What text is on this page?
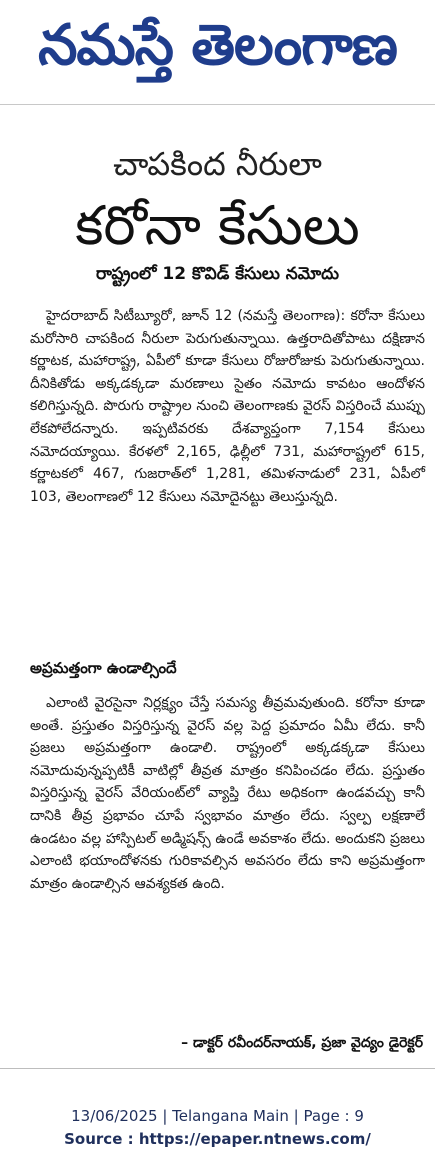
నమస్తే తెలంగాణ
చాపకింద నీరులా
కరోనా కేసులు
రాష్ట్రంలో 12 కొవిడ్ కేసులు నమోదు

హైదరాబాద్ సిటీబ్యూరో, జూన్ 12 (నమస్తే తెలంగాణ): కరోనా కేసులు మరోసారి చాపకింద నీరులా పెరుగుతున్నాయి. ఉత్తరాదితోపాటు దక్షిణాన కర్ణాటక, మహారాష్ట్ర, ఏపీలో కూడా కేసులు రోజురోజుకు పెరుగుతున్నాయి. దీనికితోడు అక్కడక్కడా మరణాలు సైతం నమోదు కావటం ఆందోళన కలిగిస్తున్నది. పొరుగు రాష్ట్రాల నుంచి తెలంగాణకు వైరస్ విస్తరించే ముప్పు లేకపోలేదన్నారు. ఇప్పటివరకు దేశవ్యాప్తంగా 7,154 కేసులు నమోదయ్యాయి. కేరళలో 2,165, ఢిల్లీలో 731, మహారాష్ట్రలో 615, కర్ణాటకలో 467, గుజరాత్‌లో 1,281, తమిళనాడులో 231, ఏపీలో 103, తెలంగాణలో 12 కేసులు నమోదైనట్టు తెలుస్తున్నది.

అప్రమత్తంగా ఉండాల్సిందే

ఎలాంటి వైరసైనా నిర్లక్ష్యం చేస్తే సమస్య తీవ్రమవుతుంది. కరోనా కూడా అంతే. ప్రస్తుతం విస్తరిస్తున్న వైరస్ వల్ల పెద్ద ప్రమాదం ఏమీ లేదు. కానీ ప్రజలు అప్రమత్తంగా ఉండాలి. రాష్ట్రంలో అక్కడక్కడా కేసులు నమోదువున్నప్పటికీ వాటిల్లో తీవ్రత మాత్రం కనిపించడం లేదు. ప్రస్తుతం విస్తరిస్తున్న వైరస్ వేరియంట్‌లో వ్యాప్తి రేటు అధికంగా ఉండవచ్చు కానీ దానికి తీవ్ర ప్రభావం చూపే స్వభావం మాత్రం లేదు. స్వల్ప లక్షణాలే ఉండటం వల్ల హాస్పిటల్ అడ్మిషన్స్ ఉండే అవకాశం లేదు. అందుకని ప్రజలు ఎలాంటి భయాందోళనకు గురికావల్సిన అవసరం లేదు కాని అప్రమత్తంగా మాత్రం ఉండాల్సిన ఆవశ్యకత ఉంది.

– డాక్టర్ రవీందర్‌నాయక్, ప్రజా వైద్యం డైరెక్టర్
13/06/2025 | Telangana Main | Page : 9
Source : https://epaper.ntnews.com/
